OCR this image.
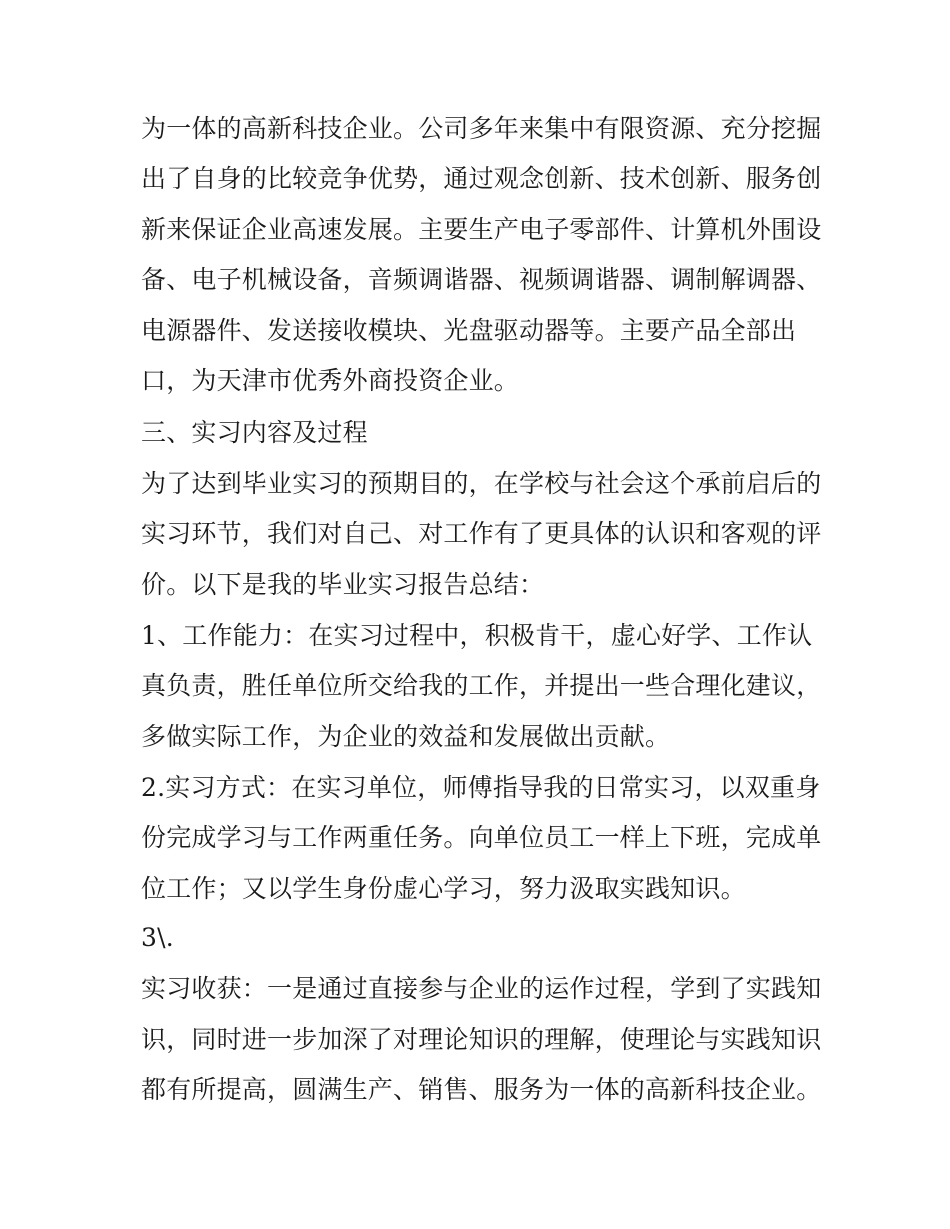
为一体的高新科技企业。公司多年来集中有限资源、充分挖掘
出了自身的比较竞争优势，通过观念创新、技术创新、服务创
新来保证企业高速发展。主要生产电子零部件、计算机外围设
备、电子机械设备，音频调谐器、视频调谐器、调制解调器、
电源器件、发送接收模块、光盘驱动器等。主要产品全部出
口，为天津市优秀外商投资企业。
三、实习内容及过程
为了达到毕业实习的预期目的，在学校与社会这个承前启后的
实习环节，我们对自己、对工作有了更具体的认识和客观的评
价。以下是我的毕业实习报告总结：
1、工作能力：在实习过程中，积极肯干，虚心好学、工作认
真负责，胜任单位所交给我的工作，并提出一些合理化建议，
多做实际工作，为企业的效益和发展做出贡献。
2.实习方式：在实习单位，师傅指导我的日常实习，以双重身
份完成学习与工作两重任务。向单位员工一样上下班，完成单
位工作；又以学生身份虚心学习，努力汲取实践知识。
3\.
实习收获：一是通过直接参与企业的运作过程，学到了实践知
识，同时进一步加深了对理论知识的理解，使理论与实践知识
都有所提高，圆满生产、销售、服务为一体的高新科技企业。
